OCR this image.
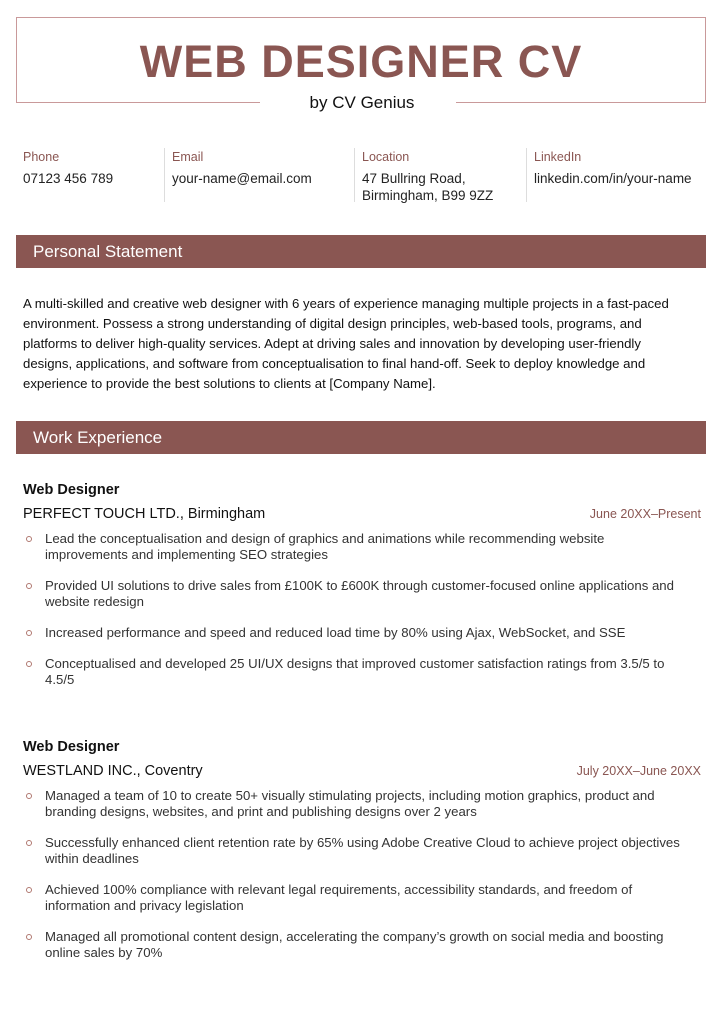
WEB DESIGNER CV
by CV Genius
Phone
07123 456 789
Email
your-name@email.com
Location
47 Bullring Road,
Birmingham, B99 9ZZ
LinkedIn
linkedin.com/in/your-name
Personal Statement

A multi-skilled and creative web designer with 6 years of experience managing multiple projects in a fast-paced environment. Possess a strong understanding of digital design principles, web-based tools, programs, and platforms to deliver high-quality services. Adept at driving sales and innovation by developing user-friendly designs, applications, and software from conceptualisation to final hand-off. Seek to deploy knowledge and experience to provide the best solutions to clients at [Company Name].

Work Experience
Web Designer
PERFECT TOUCH LTD., Birmingham	June 20XX–Present
Lead the conceptualisation and design of graphics and animations while recommending website improvements and implementing SEO strategies
Provided UI solutions to drive sales from £100K to £600K through customer-focused online applications and website redesign
Increased performance and speed and reduced load time by 80% using Ajax, WebSocket, and SSE
Conceptualised and developed 25 UI/UX designs that improved customer satisfaction ratings from 3.5/5 to 4.5/5
Web Designer
WESTLAND INC., Coventry	July 20XX–June 20XX
Managed a team of 10 to create 50+ visually stimulating projects, including motion graphics, product and branding designs, websites, and print and publishing designs over 2 years
Successfully enhanced client retention rate by 65% using Adobe Creative Cloud to achieve project objectives within deadlines
Achieved 100% compliance with relevant legal requirements, accessibility standards, and freedom of information and privacy legislation
Managed all promotional content design, accelerating the company’s growth on social media and boosting online sales by 70%
